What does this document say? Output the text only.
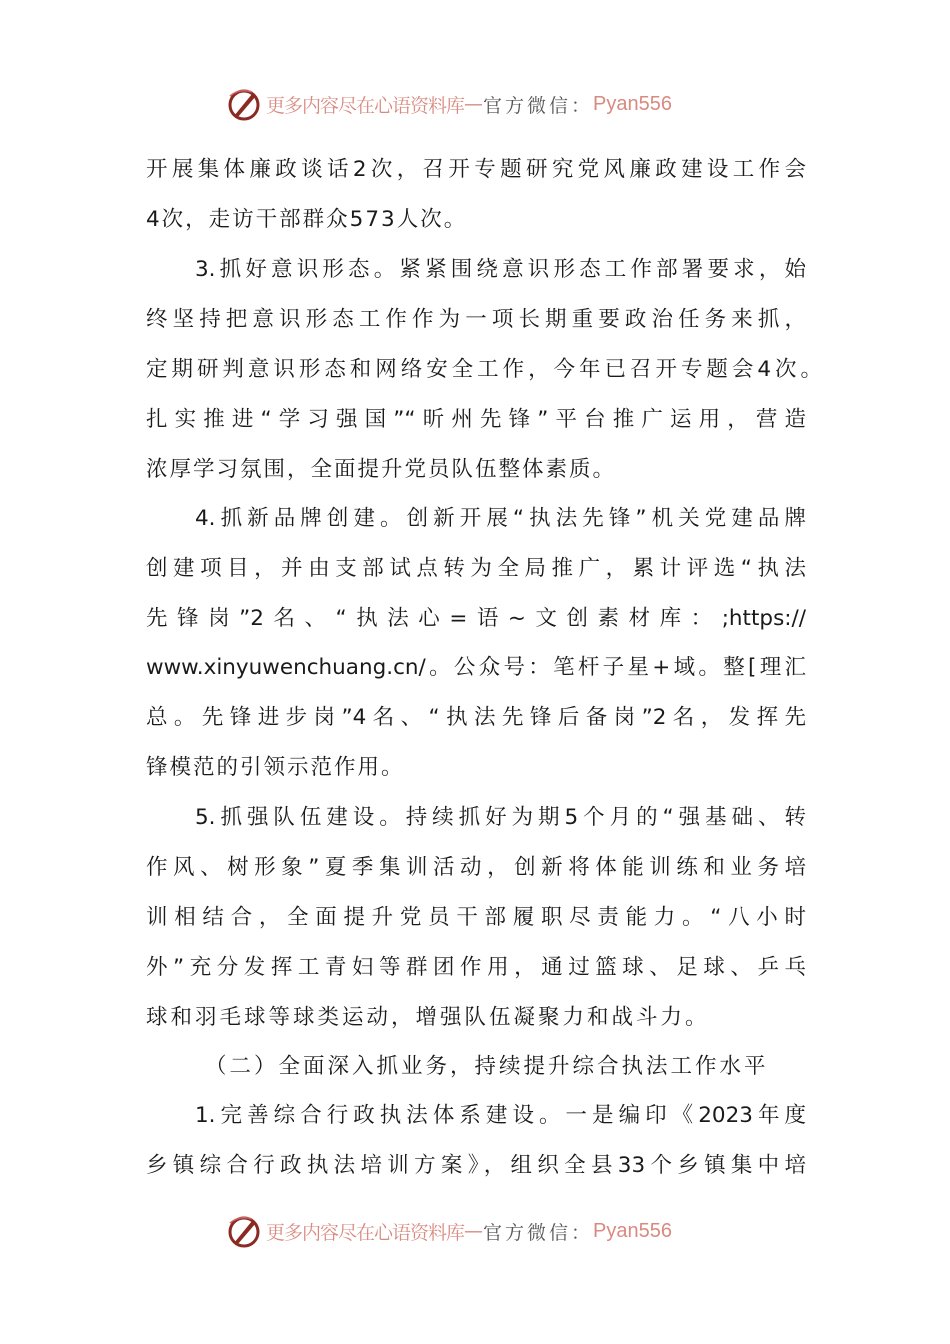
更多内容尽在心语资料库 — 官方微信： Pyan556
开展集体廉政谈话2次，召开专题研究党风廉政建设工作会
4次，走访干部群众573人次。
3.抓好意识形态。紧紧围绕意识形态工作部署要求，始
终坚持把意识形态工作作为一项长期重要政治任务来抓，
定期研判意识形态和网络安全工作，今年已召开专题会4次。
扎实推进“学习强国”“昕州先锋”平台推广运用，营造
浓厚学习氛围，全面提升党员队伍整体素质。
4.抓新品牌创建。创新开展“执法先锋”机关党建品牌
创建项目，并由支部试点转为全局推广，累计评选“执法
先锋岗”2名、“执法心=语~文创素材库：;https://
www.xinyuwenchuang.cn/。公众号：笔杆子星+域。整[理汇
总。先锋进步岗”4名、“执法先锋后备岗”2名，发挥先
锋模范的引领示范作用。
5.抓强队伍建设。持续抓好为期5个月的“强基础、转
作风、树形象”夏季集训活动，创新将体能训练和业务培
训相结合，全面提升党员干部履职尽责能力。“八小时
外”充分发挥工青妇等群团作用，通过篮球、足球、乒乓
球和羽毛球等球类运动，增强队伍凝聚力和战斗力。
（二）全面深入抓业务，持续提升综合执法工作水平
1.完善综合行政执法体系建设。一是编印《2023年度
乡镇综合行政执法培训方案》，组织全县33个乡镇集中培
更多内容尽在心语资料库 — 官方微信： Pyan556
